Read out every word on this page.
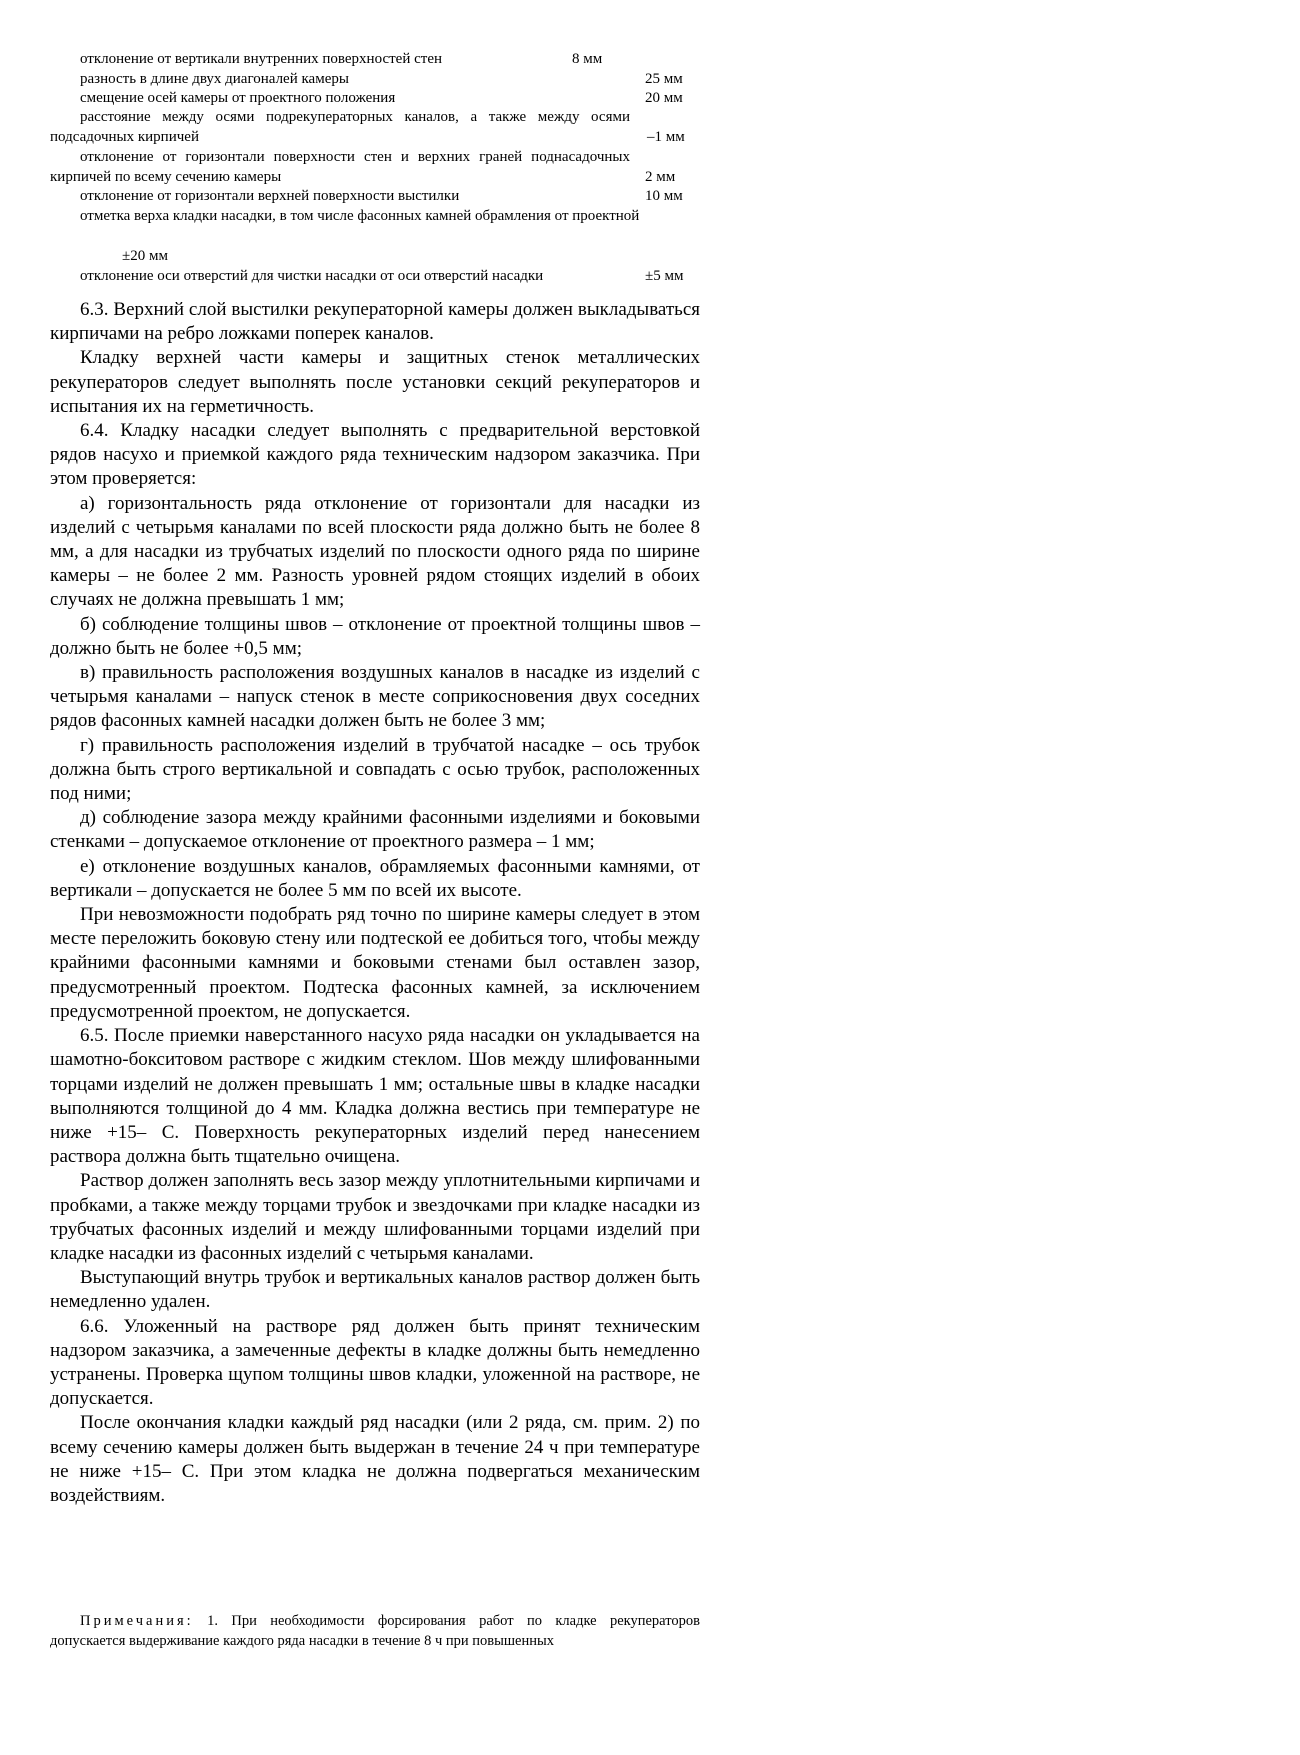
отклонение от вертикали внутренних поверхностей стен	8 мм
разность в длине двух диагоналей камеры	25 мм
смещение осей камеры от проектного положения	20 мм
расстояние между осями подрекуператорных каналов, а также между осями подсадочных кирпичей	–1 мм
отклонение от горизонтали поверхности стен и верхних граней поднасадочных кирпичей по всему сечению камеры	2 мм
отклонение от горизонтали верхней поверхности выстилки	10 мм
отметка верха кладки насадки, в том числе фасонных камней обрамления от проектной
±20 мм
отклонение оси отверстий для чистки насадки от оси отверстий насадки	±5 мм

6.3. Верхний слой выстилки рекуператорной камеры должен выкладываться кирпичами на ребро ложками поперек каналов.

Кладку верхней части камеры и защитных стенок металлических рекуператоров следует выполнять после установки секций рекуператоров и испытания их на герметичность.

6.4. Кладку насадки следует выполнять с предварительной верстовкой рядов насухо и приемкой каждого ряда техническим надзором заказчика. При этом проверяется:

а) горизонтальность ряда отклонение от горизонтали для насадки из изделий с четырьмя каналами по всей плоскости ряда должно быть не более 8 мм, а для насадки из трубчатых изделий по плоскости одного ряда по ширине камеры – не более 2 мм. Разность уровней рядом стоящих изделий в обоих случаях не должна превышать 1 мм;

б) соблюдение толщины швов – отклонение от проектной толщины швов – должно быть не более +0,5 мм;

в) правильность расположения воздушных каналов в насадке из изделий с четырьмя каналами – напуск стенок в месте соприкосновения двух соседних рядов фасонных камней насадки должен быть не более 3 мм;

г) правильность расположения изделий в трубчатой насадке – ось трубок должна быть строго вертикальной и совпадать с осью трубок, расположенных под ними;

д) соблюдение зазора между крайними фасонными изделиями и боковыми стенками – допускаемое отклонение от проектного размера – 1 мм;

е) отклонение воздушных каналов, обрамляемых фасонными камнями, от вертикали – допускается не более 5 мм по всей их высоте.

При невозможности подобрать ряд точно по ширине камеры следует в этом месте переложить боковую стену или подтеской ее добиться того, чтобы между крайними фасонными камнями и боковыми стенами был оставлен зазор, предусмотренный проектом. Подтеска фасонных камней, за исключением предусмотренной проектом, не допускается.

6.5. После приемки наверстанного насухо ряда насадки он укладывается на шамотно-бокситовом растворе с жидким стеклом. Шов между шлифованными торцами изделий не должен превышать 1 мм; остальные швы в кладке насадки выполняются толщиной до 4 мм. Кладка должна вестись при температуре не ниже +15– С. Поверхность рекуператорных изделий перед нанесением раствора должна быть тщательно очищена.

Раствор должен заполнять весь зазор между уплотнительными кирпичами и пробками, а также между торцами трубок и звездочками при кладке насадки из трубчатых фасонных изделий и между шлифованными торцами изделий при кладке насадки из фасонных изделий с четырьмя каналами.

Выступающий внутрь трубок и вертикальных каналов раствор должен быть немедленно удален.

6.6. Уложенный на растворе ряд должен быть принят техническим надзором заказчика, а замеченные дефекты в кладке должны быть немедленно устранены. Проверка щупом толщины швов кладки, уложенной на растворе, не допускается.

После окончания кладки каждый ряд насадки (или 2 ряда, см. прим. 2) по всему сечению камеры должен быть выдержан в течение 24 ч при температуре не ниже +15– С. При этом кладка не должна подвергаться механическим воздействиям.

Примечания: 1. При необходимости форсирования работ по кладке рекуператоров допускается выдерживание каждого ряда насадки в течение 8 ч при повышенных
